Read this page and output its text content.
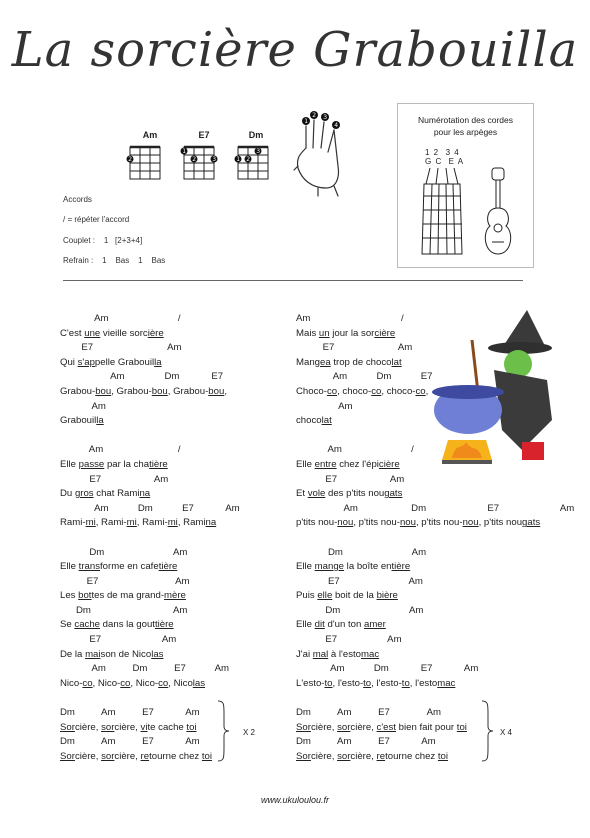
La sorcière Grabouilla
Am	E7	Dm
2
1
2	3
3
1 2
1
2 3
4
Accords
/ = répéter l'accord
Couplet :    1   [2+3+4]
Refrain :    1    Bas    1    Bas
Numérotation des cordes
pour les arpèges
1 2  3 4
G C  E A
Am                          /
C'est une vieille sorcière
E7                            Am
Qui s'appelle Grabouilla
Am               Dm            E7
Grabou-bou, Grabou-bou, Grabou-bou,
Am
Grabouilla
Am                            /
Elle passe par la chatière
E7                    Am
Du gros chat Ramina
Am           Dm           E7            Am
Rami-mi, Rami-mi, Rami-mi, Ramina
Dm                          Am
Elle transforme en cafetière
E7                             Am
Les bottes de ma grand-mère
Dm                               Am
Se cache dans la gouttière
E7                       Am
De la maison de Nicolas
Am          Dm          E7           Am
Nico-co, Nico-co, Nico-co, Nicolas
Dm          Am          E7            Am
Sorcière, sorcière, vite cache toi
Dm          Am          E7            Am
Sorcière, sorcière, retourne chez toi
Am                                  /
Mais un jour la sorcière
E7                        Am
Mangea trop de chocolat
Am           Dm           E7
Choco-co, choco-co, choco-co,
Am
chocolat
Am                          /
Elle entre chez l'épicière
E7                    Am
Et vole des p'tits nougats
Am                    Dm                       E7                       Am
p'tits nou-nou, p'tits nou-nou, p'tits nou-nou, p'tits nougats
Dm                          Am
Elle mange la boîte entière
E7                          Am
Puis elle boit de la bière
Dm                          Am
Elle dit d'un ton amer
E7                   Am
J'ai mal à l'estomac
Am           Dm            E7            Am
L'esto-to, l'esto-to, l'esto-to, l'estomac
Dm          Am          E7              Am
Sorcière, sorcière, c'est bien fait pour toi
Dm          Am          E7            Am
Sorcière, sorcière, retourne chez toi
X 2	X 4
www.ukuloulou.fr
